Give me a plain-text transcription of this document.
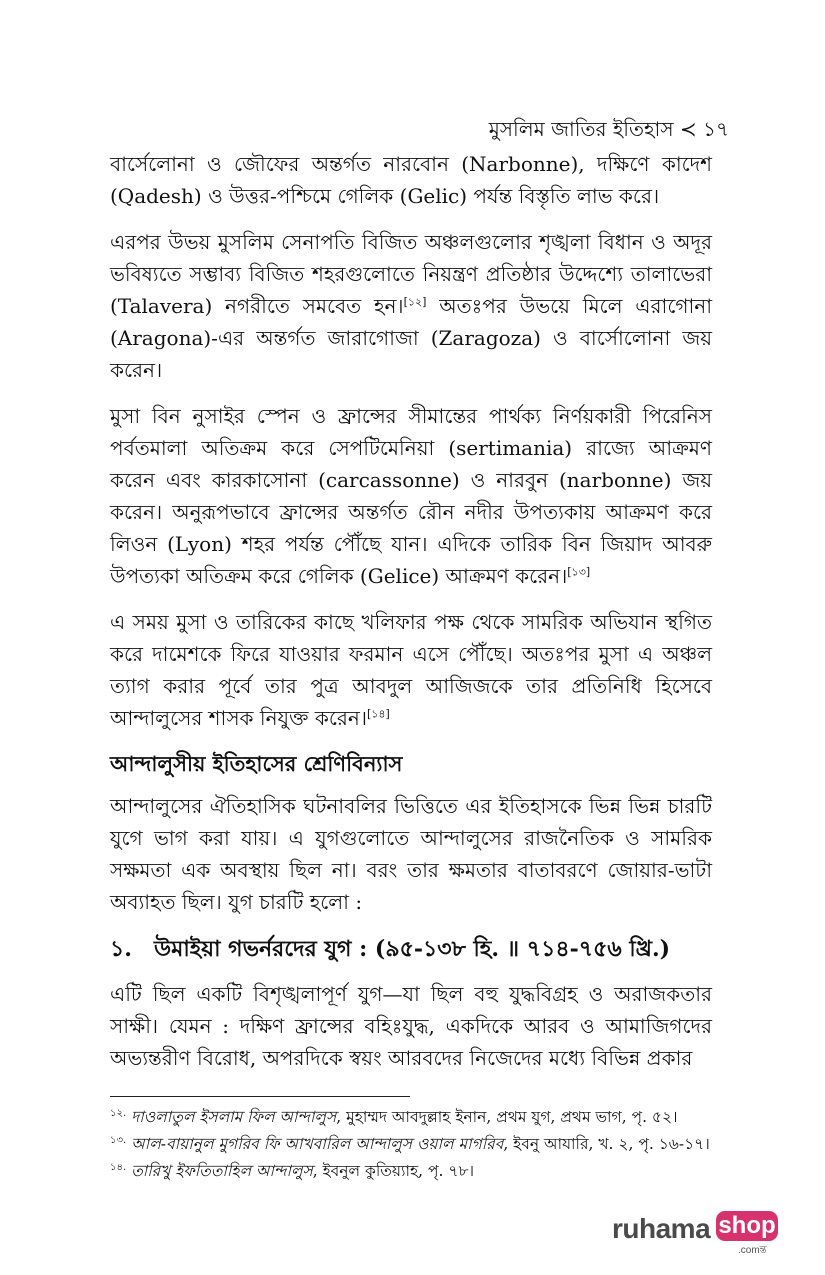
মুসলিম জাতির ইতিহাস ≺ ১৭

বার্সেলোনা ও জৌফের অন্তর্গত নারবোন (Narbonne), দক্ষিণে কাদেশ (Qadesh) ও উত্তর-পশ্চিমে গেলিক (Gelic) পর্যন্ত বিস্তৃতি লাভ করে।

এরপর উভয় মুসলিম সেনাপতি বিজিত অঞ্চলগুলোর শৃঙ্খলা বিধান ও অদূর ভবিষ্যতে সম্ভাব্য বিজিত শহরগুলোতে নিয়ন্ত্রণ প্রতিষ্ঠার উদ্দেশ্যে তালাভেরা (Talavera) নগরীতে সমবেত হন।[১২] অতঃপর উভয়ে মিলে এরাগোনা (Aragona)-এর অন্তর্গত জারাগোজা (Zaragoza) ও বার্সোলোনা জয় করেন।

মুসা বিন নুসাইর স্পেন ও ফ্রান্সের সীমান্তের পার্থক্য নির্ণয়কারী পিরেনিস পর্বতমালা অতিক্রম করে সেপটিমেনিয়া (sertimania) রাজ্যে আক্রমণ করেন এবং কারকাসোনা (carcassonne) ও নারবুন (narbonne) জয় করেন। অনুরূপভাবে ফ্রান্সের অন্তর্গত রৌন নদীর উপত্যকায় আক্রমণ করে লিওন (Lyon) শহর পর্যন্ত পৌঁছে যান। এদিকে তারিক বিন জিয়াদ আবরু উপত্যকা অতিক্রম করে গেলিক (Gelice) আক্রমণ করেন।[১৩]

এ সময় মুসা ও তারিকের কাছে খলিফার পক্ষ থেকে সামরিক অভিযান স্থগিত করে দামেশকে ফিরে যাওয়ার ফরমান এসে পৌঁছে। অতঃপর মুসা এ অঞ্চল ত্যাগ করার পূর্বে তার পুত্র আবদুল আজিজকে তার প্রতিনিধি হিসেবে আন্দালুসের শাসক নিযুক্ত করেন।[১৪]

আন্দালুসীয় ইতিহাসের শ্রেণিবিন্যাস

আন্দালুসের ঐতিহাসিক ঘটনাবলির ভিত্তিতে এর ইতিহাসকে ভিন্ন ভিন্ন চারটি যুগে ভাগ করা যায়। এ যুগগুলোতে আন্দালুসের রাজনৈতিক ও সামরিক সক্ষমতা এক অবস্থায় ছিল না। বরং তার ক্ষমতার বাতাবরণে জোয়ার-ভাটা অব্যাহত ছিল। যুগ চারটি হলো :

১. উমাইয়া গভর্নরদের যুগ : (৯৫-১৩৮ হি. ॥ ৭১৪-৭৫৬ খ্রি.)

এটি ছিল একটি বিশৃঙ্খলাপূর্ণ যুগ—যা ছিল বহু যুদ্ধবিগ্রহ ও অরাজকতার সাক্ষী। যেমন : দক্ষিণ ফ্রান্সের বহিঃযুদ্ধ, একদিকে আরব ও আমাজিগদের অভ্যন্তরীণ বিরোধ, অপরদিকে স্বয়ং আরবদের নিজেদের মধ্যে বিভিন্ন প্রকার

$^{১২.}$ দাওলাতুল ইসলাম ফিল আন্দালুস, মুহাম্মদ আবদুল্লাহ ইনান, প্রথম যুগ, প্রথম ভাগ, পৃ. ৫২।
$^{১৩.}$ আল-বায়ানুল মুগরিব ফি আখবারিল আন্দালুস ওয়াল মাগরিব, ইবনু আযারি, খ. ২, পৃ. ১৬-১৭।
$^{১৪.}$ তারিখু ইফতিতাহিল আন্দালুস, ইবনুল কুতিয়্যাহ, পৃ. ৭৮।
ruhama shop
.comন্ত
